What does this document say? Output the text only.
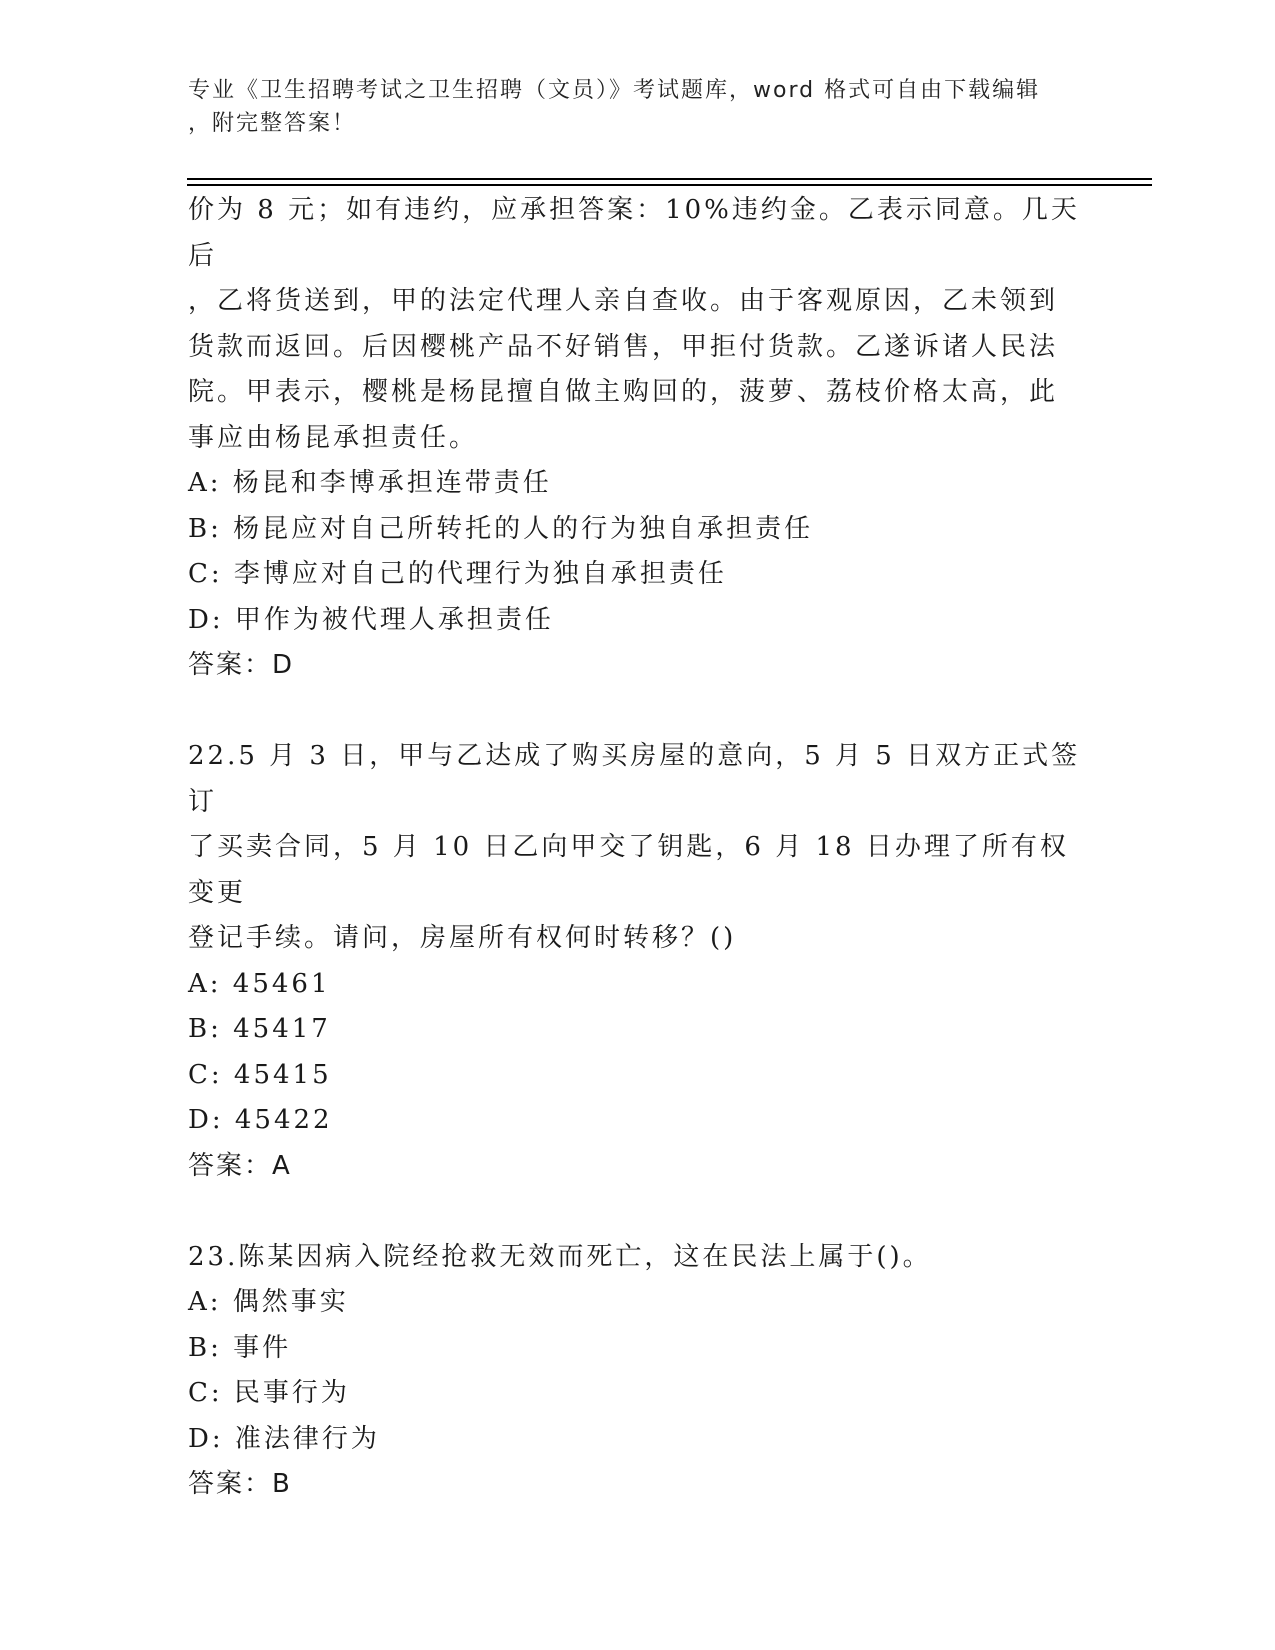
专业《卫生招聘考试之卫生招聘（文员）》考试题库，word 格式可自由下载编辑
，附完整答案！

价为 8 元；如有违约，应承担答案：10%违约金。乙表示同意。几天后

，乙将货送到，甲的法定代理人亲自查收。由于客观原因，乙未领到

货款而返回。后因樱桃产品不好销售，甲拒付货款。乙遂诉诸人民法

院。甲表示，樱桃是杨昆擅自做主购回的，菠萝、荔枝价格太高，此

事应由杨昆承担责任。

A: 杨昆和李博承担连带责任

B: 杨昆应对自己所转托的人的行为独自承担责任

C: 李博应对自己的代理行为独自承担责任

D: 甲作为被代理人承担责任

答案：D

22.5 月 3 日，甲与乙达成了购买房屋的意向，5 月 5 日双方正式签订

了买卖合同，5 月 10 日乙向甲交了钥匙，6 月 18 日办理了所有权变更

登记手续。请问，房屋所有权何时转移？()

A: 45461

B: 45417

C: 45415

D: 45422

答案：A

23.陈某因病入院经抢救无效而死亡，这在民法上属于()。

A: 偶然事实

B: 事件

C: 民事行为

D: 准法律行为

答案：B
